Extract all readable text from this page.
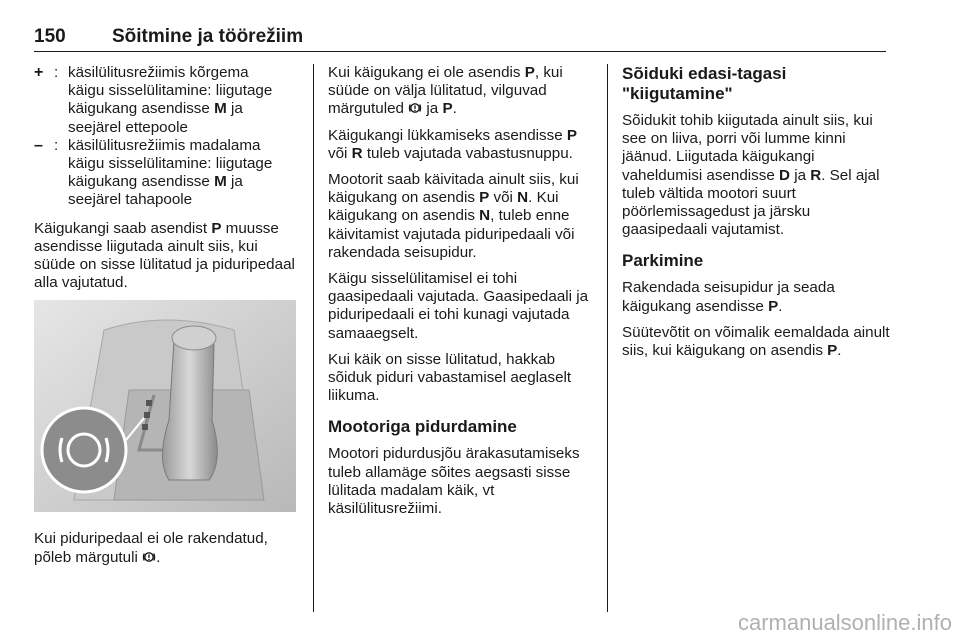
150 Sõitmine ja töörežiim
+ : käsilülitusrežiimis kõrgema
käigu sisselülitamine: liigutage
käigukang asendisse M ja
seejärel ettepoole
– : käsilülitusrežiimis madalama
käigu sisselülitamine: liigutage
käigukang asendisse M ja
seejärel tahapoole

Käigukangi saab asendist P muusse asendisse liigutada ainult siis, kui süüde on sisse lülitatud ja piduripedaal alla vajutatud.

Kui piduripedaal ei ole rakendatud, põleb märgutuli .

Kui käigukang ei ole asendis P, kui süüde on välja lülitatud, vilguvad märgutuled  ja P.

Käigukangi lükkamiseks asendisse P või R tuleb vajutada vabastusnuppu.

Mootorit saab käivitada ainult siis, kui käigukang on asendis P või N. Kui käigukang on asendis N, tuleb enne käivitamist vajutada piduripedaali või rakendada seisupidur.

Käigu sisselülitamisel ei tohi gaasipedaali vajutada. Gaasipedaali ja piduripedaali ei tohi kunagi vajutada samaaegselt.

Kui käik on sisse lülitatud, hakkab sõiduk piduri vabastamisel aeglaselt liikuma.

Mootoriga pidurdamine

Mootori pidurdusjõu ärakasutamiseks tuleb allamäge sõites aegsasti sisse lülitada madalam käik, vt käsilülitusrežiimi.

Sõiduki edasi-tagasi "kiigutamine"

Sõidukit tohib kiigutada ainult siis, kui see on liiva, porri või lumme kinni jäänud. Liigutada käigukangi vaheldumisi asendisse D ja R. Sel ajal tuleb vältida mootori suurt pöörlemissagedust ja järsku gaasipedaali vajutamist.

Parkimine

Rakendada seisupidur ja seada käigukang asendisse P.

Süütevõtit on võimalik eemaldada ainult siis, kui käigukang on asendis P.

carmanualsonline.info
